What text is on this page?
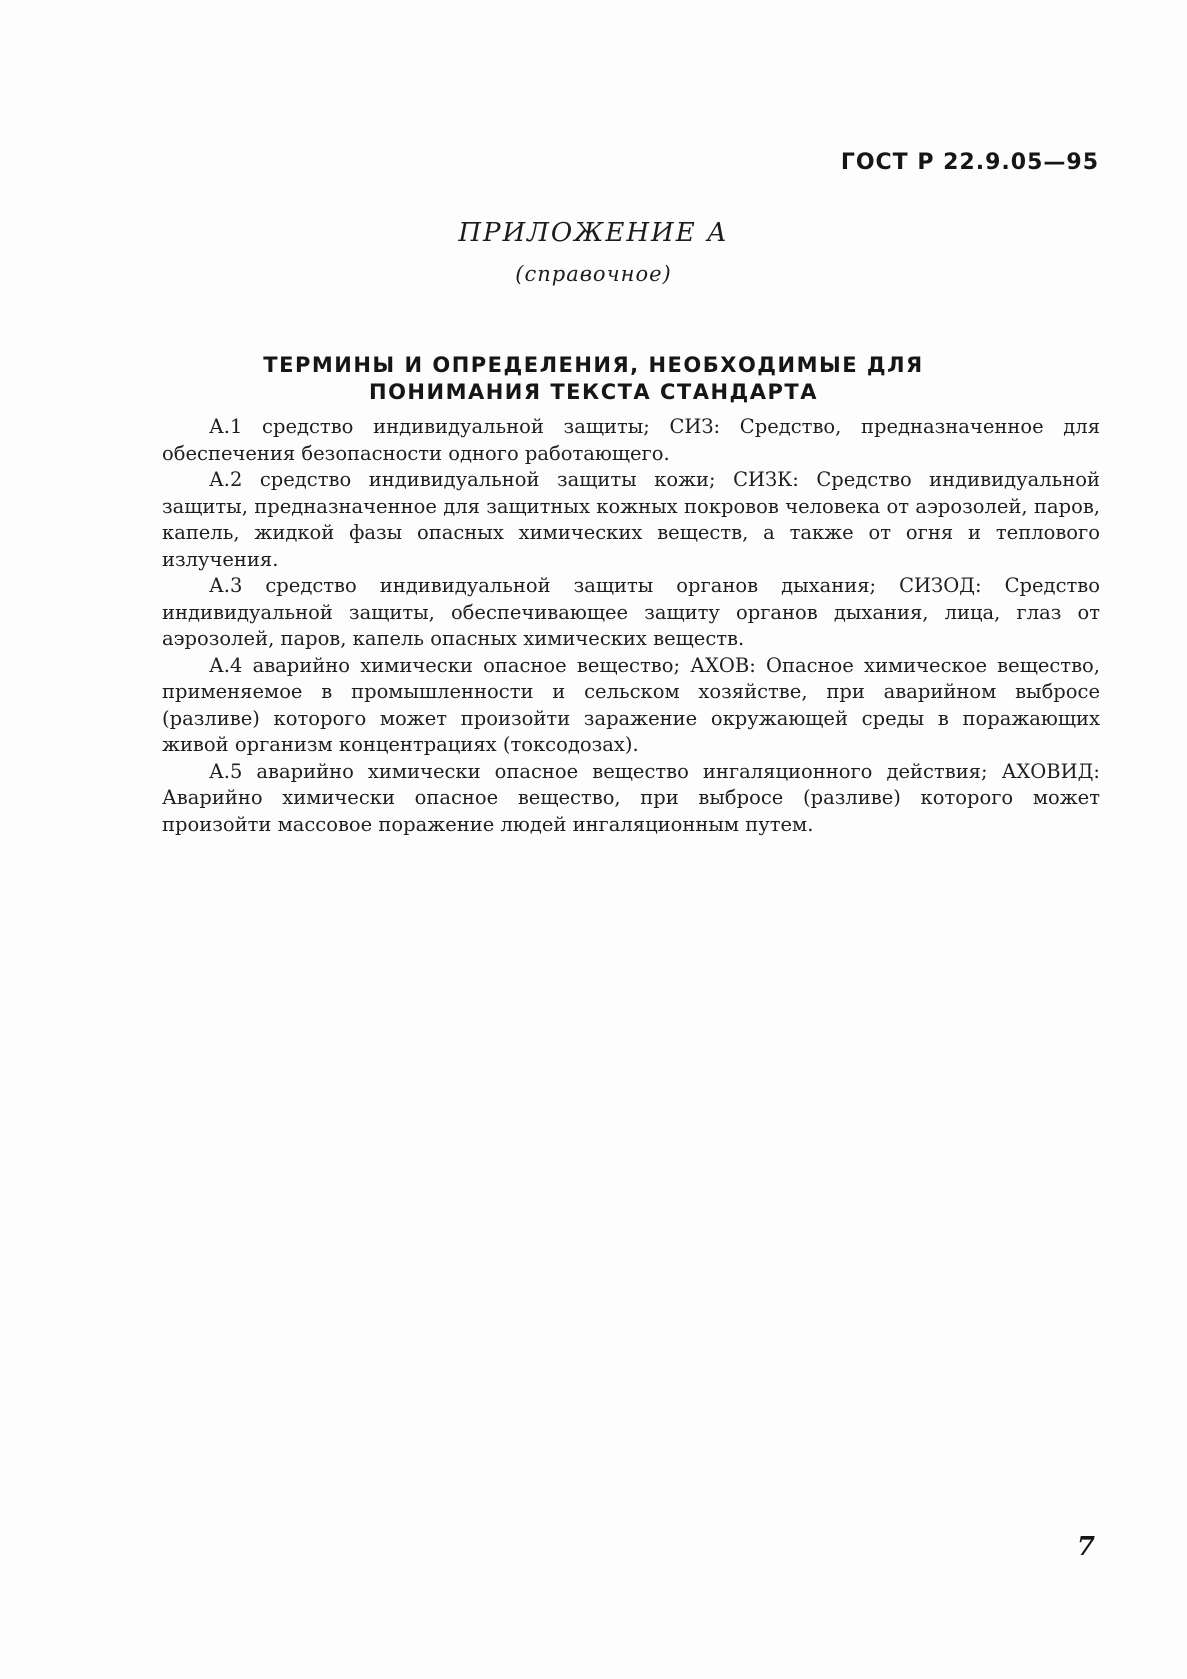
ГОСТ Р 22.9.05—95
ПРИЛОЖЕНИЕ А
(справочное)
ТЕРМИНЫ И ОПРЕДЕЛЕНИЯ, НЕОБХОДИМЫЕ ДЛЯ
ПОНИМАНИЯ ТЕКСТА СТАНДАРТА

А.1 средство индивидуальной защиты; СИЗ: Средство, предназначенное для обеспечения безопасности одного работающего.

А.2 средство индивидуальной защиты кожи; СИЗК: Средство индивидуальной защиты, предназначенное для защитных кожных покровов человека от аэрозолей, паров, капель, жидкой фазы опасных химических веществ, а также от огня и теплового излучения.

А.3 средство индивидуальной защиты органов дыхания; СИЗОД: Средство индивидуальной защиты, обеспечивающее защиту органов дыхания, лица, глаз от аэрозолей, паров, капель опасных химических веществ.

А.4 аварийно химически опасное вещество; АХОВ: Опасное химическое вещество, применяемое в промышленности и сельском хозяйстве, при аварийном выбросе (разливе) которого может произойти заражение окружающей среды в поражающих живой организм концентрациях (токсодозах).

А.5 аварийно химически опасное вещество ингаляционного действия; АХОВИД: Аварийно химически опасное вещество, при выбросе (разливе) которого может произойти массовое поражение людей ингаляционным путем.

7
